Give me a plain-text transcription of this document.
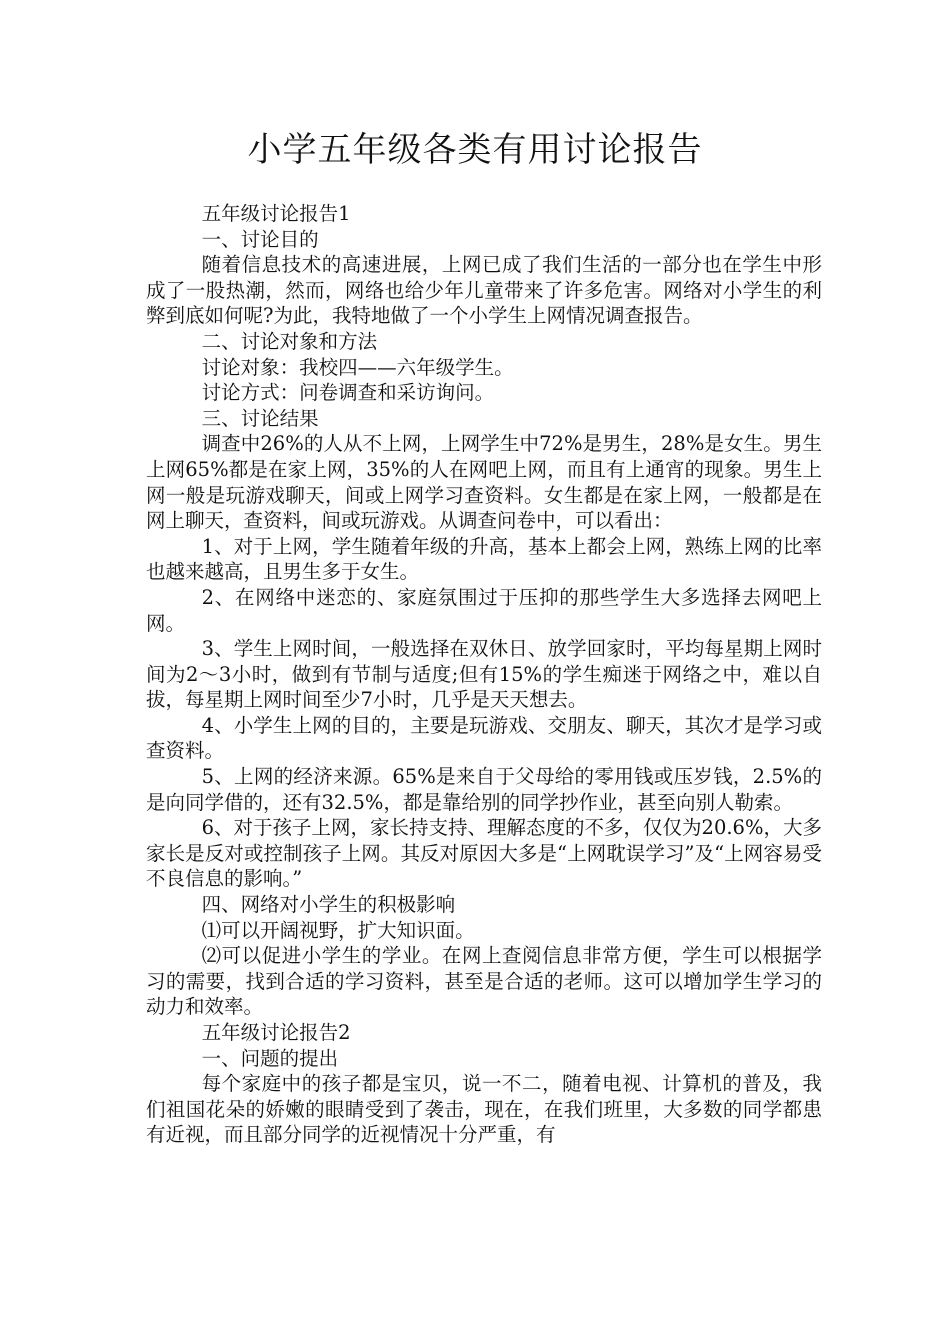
小学五年级各类有用讨论报告

五年级讨论报告1

一、讨论目的

随着信息技术的高速进展，上网已成了我们生活的一部分也在学生中形成了一股热潮，然而，网络也给少年儿童带来了许多危害。网络对小学生的利弊到底如何呢?为此，我特地做了一个小学生上网情况调查报告。

二、讨论对象和方法

讨论对象：我校四——六年级学生。

讨论方式：问卷调查和采访询问。

三、讨论结果

调查中26%的人从不上网，上网学生中72%是男生，28%是女生。男生上网65%都是在家上网，35%的人在网吧上网，而且有上通宵的现象。男生上网一般是玩游戏聊天，间或上网学习查资料。女生都是在家上网，一般都是在网上聊天，查资料，间或玩游戏。从调查问卷中，可以看出：

1、对于上网，学生随着年级的升高，基本上都会上网，熟练上网的比率也越来越高，且男生多于女生。

2、在网络中迷恋的、家庭氛围过于压抑的那些学生大多选择去网吧上网。

3、学生上网时间，一般选择在双休日、放学回家时，平均每星期上网时间为2～3小时，做到有节制与适度;但有15%的学生痴迷于网络之中，难以自拔，每星期上网时间至少7小时，几乎是天天想去。

4、小学生上网的目的，主要是玩游戏、交朋友、聊天，其次才是学习或查资料。

5、上网的经济来源。65%是来自于父母给的零用钱或压岁钱，2.5%的是向同学借的，还有32.5%，都是靠给别的同学抄作业，甚至向别人勒索。

6、对于孩子上网，家长持支持、理解态度的不多，仅仅为20.6%，大多家长是反对或控制孩子上网。其反对原因大多是“上网耽误学习”及“上网容易受不良信息的影响。”

四、网络对小学生的积极影响

⑴可以开阔视野，扩大知识面。

⑵可以促进小学生的学业。在网上查阅信息非常方便，学生可以根据学习的需要，找到合适的学习资料，甚至是合适的老师。这可以增加学生学习的动力和效率。

五年级讨论报告2

一、问题的提出

每个家庭中的孩子都是宝贝，说一不二，随着电视、计算机的普及，我们祖国花朵的娇嫩的眼睛受到了袭击，现在，在我们班里，大多数的同学都患有近视，而且部分同学的近视情况十分严重，有
